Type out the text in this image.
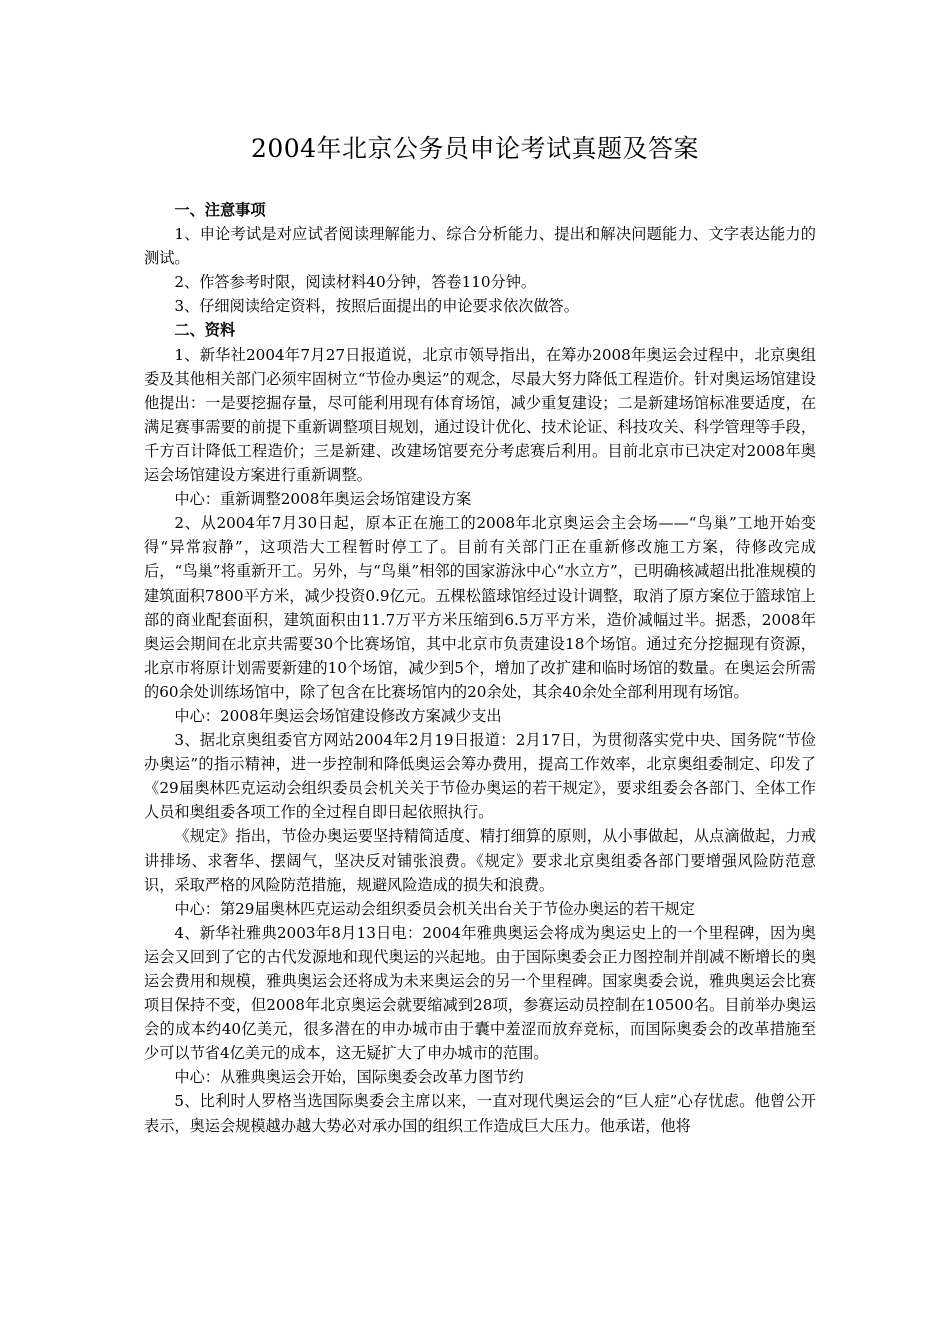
2004年北京公务员申论考试真题及答案
一、注意事项

1、申论考试是对应试者阅读理解能力、综合分析能力、提出和解决问题能力、文字表达能力的测试。

2、作答参考时限，阅读材料40分钟，答卷110分钟。

3、仔细阅读给定资料，按照后面提出的申论要求依次做答。

二、资料

1、新华社2004年7月27日报道说，北京市领导指出，在筹办2008年奥运会过程中，北京奥组委及其他相关部门必须牢固树立“节俭办奥运”的观念，尽最大努力降低工程造价。针对奥运场馆建设他提出：一是要挖掘存量，尽可能利用现有体育场馆，减少重复建设；二是新建场馆标准要适度，在满足赛事需要的前提下重新调整项目规划，通过设计优化、技术论证、科技攻关、科学管理等手段，千方百计降低工程造价；三是新建、改建场馆要充分考虑赛后利用。目前北京市已决定对2008年奥运会场馆建设方案进行重新调整。

中心：重新调整2008年奥运会场馆建设方案

2、从2004年7月30日起，原本正在施工的2008年北京奥运会主会场——“鸟巢”工地开始变得“异常寂静”，这项浩大工程暂时停工了。目前有关部门正在重新修改施工方案，待修改完成后，“鸟巢”将重新开工。另外，与“鸟巢”相邻的国家游泳中心“水立方”，已明确核减超出批准规模的建筑面积7800平方米，减少投资0.9亿元。五棵松篮球馆经过设计调整，取消了原方案位于篮球馆上部的商业配套面积，建筑面积由11.7万平方米压缩到6.5万平方米，造价减幅过半。据悉，2008年奥运会期间在北京共需要30个比赛场馆，其中北京市负责建设18个场馆。通过充分挖掘现有资源，北京市将原计划需要新建的10个场馆，减少到5个，增加了改扩建和临时场馆的数量。在奥运会所需的60余处训练场馆中，除了包含在比赛场馆内的20余处，其余40余处全部利用现有场馆。

中心：2008年奥运会场馆建设修改方案减少支出

3、据北京奥组委官方网站2004年2月19日报道：2月17日，为贯彻落实党中央、国务院“节俭办奥运”的指示精神，进一步控制和降低奥运会筹办费用，提高工作效率，北京奥组委制定、印发了《29届奥林匹克运动会组织委员会机关关于节俭办奥运的若干规定》，要求组委会各部门、全体工作人员和奥组委各项工作的全过程自即日起依照执行。

《规定》指出，节俭办奥运要坚持精简适度、精打细算的原则，从小事做起，从点滴做起，力戒讲排场、求奢华、摆阔气，坚决反对铺张浪费。《规定》要求北京奥组委各部门要增强风险防范意识，采取严格的风险防范措施，规避风险造成的损失和浪费。

中心：第29届奥林匹克运动会组织委员会机关出台关于节俭办奥运的若干规定

4、新华社雅典2003年8月13日电：2004年雅典奥运会将成为奥运史上的一个里程碑，因为奥运会又回到了它的古代发源地和现代奥运的兴起地。由于国际奥委会正力图控制并削减不断增长的奥运会费用和规模，雅典奥运会还将成为未来奥运会的另一个里程碑。国家奥委会说，雅典奥运会比赛项目保持不变，但2008年北京奥运会就要缩减到28项，参赛运动员控制在10500名。目前举办奥运会的成本约40亿美元，很多潜在的申办城市由于囊中羞涩而放弃竞标，而国际奥委会的改革措施至少可以节省4亿美元的成本，这无疑扩大了申办城市的范围。

中心：从雅典奥运会开始，国际奥委会改革力图节约

5、比利时人罗格当选国际奥委会主席以来，一直对现代奥运会的“巨人症”心存忧虑。他曾公开表示，奥运会规模越办越大势必对承办国的组织工作造成巨大压力。他承诺，他将
